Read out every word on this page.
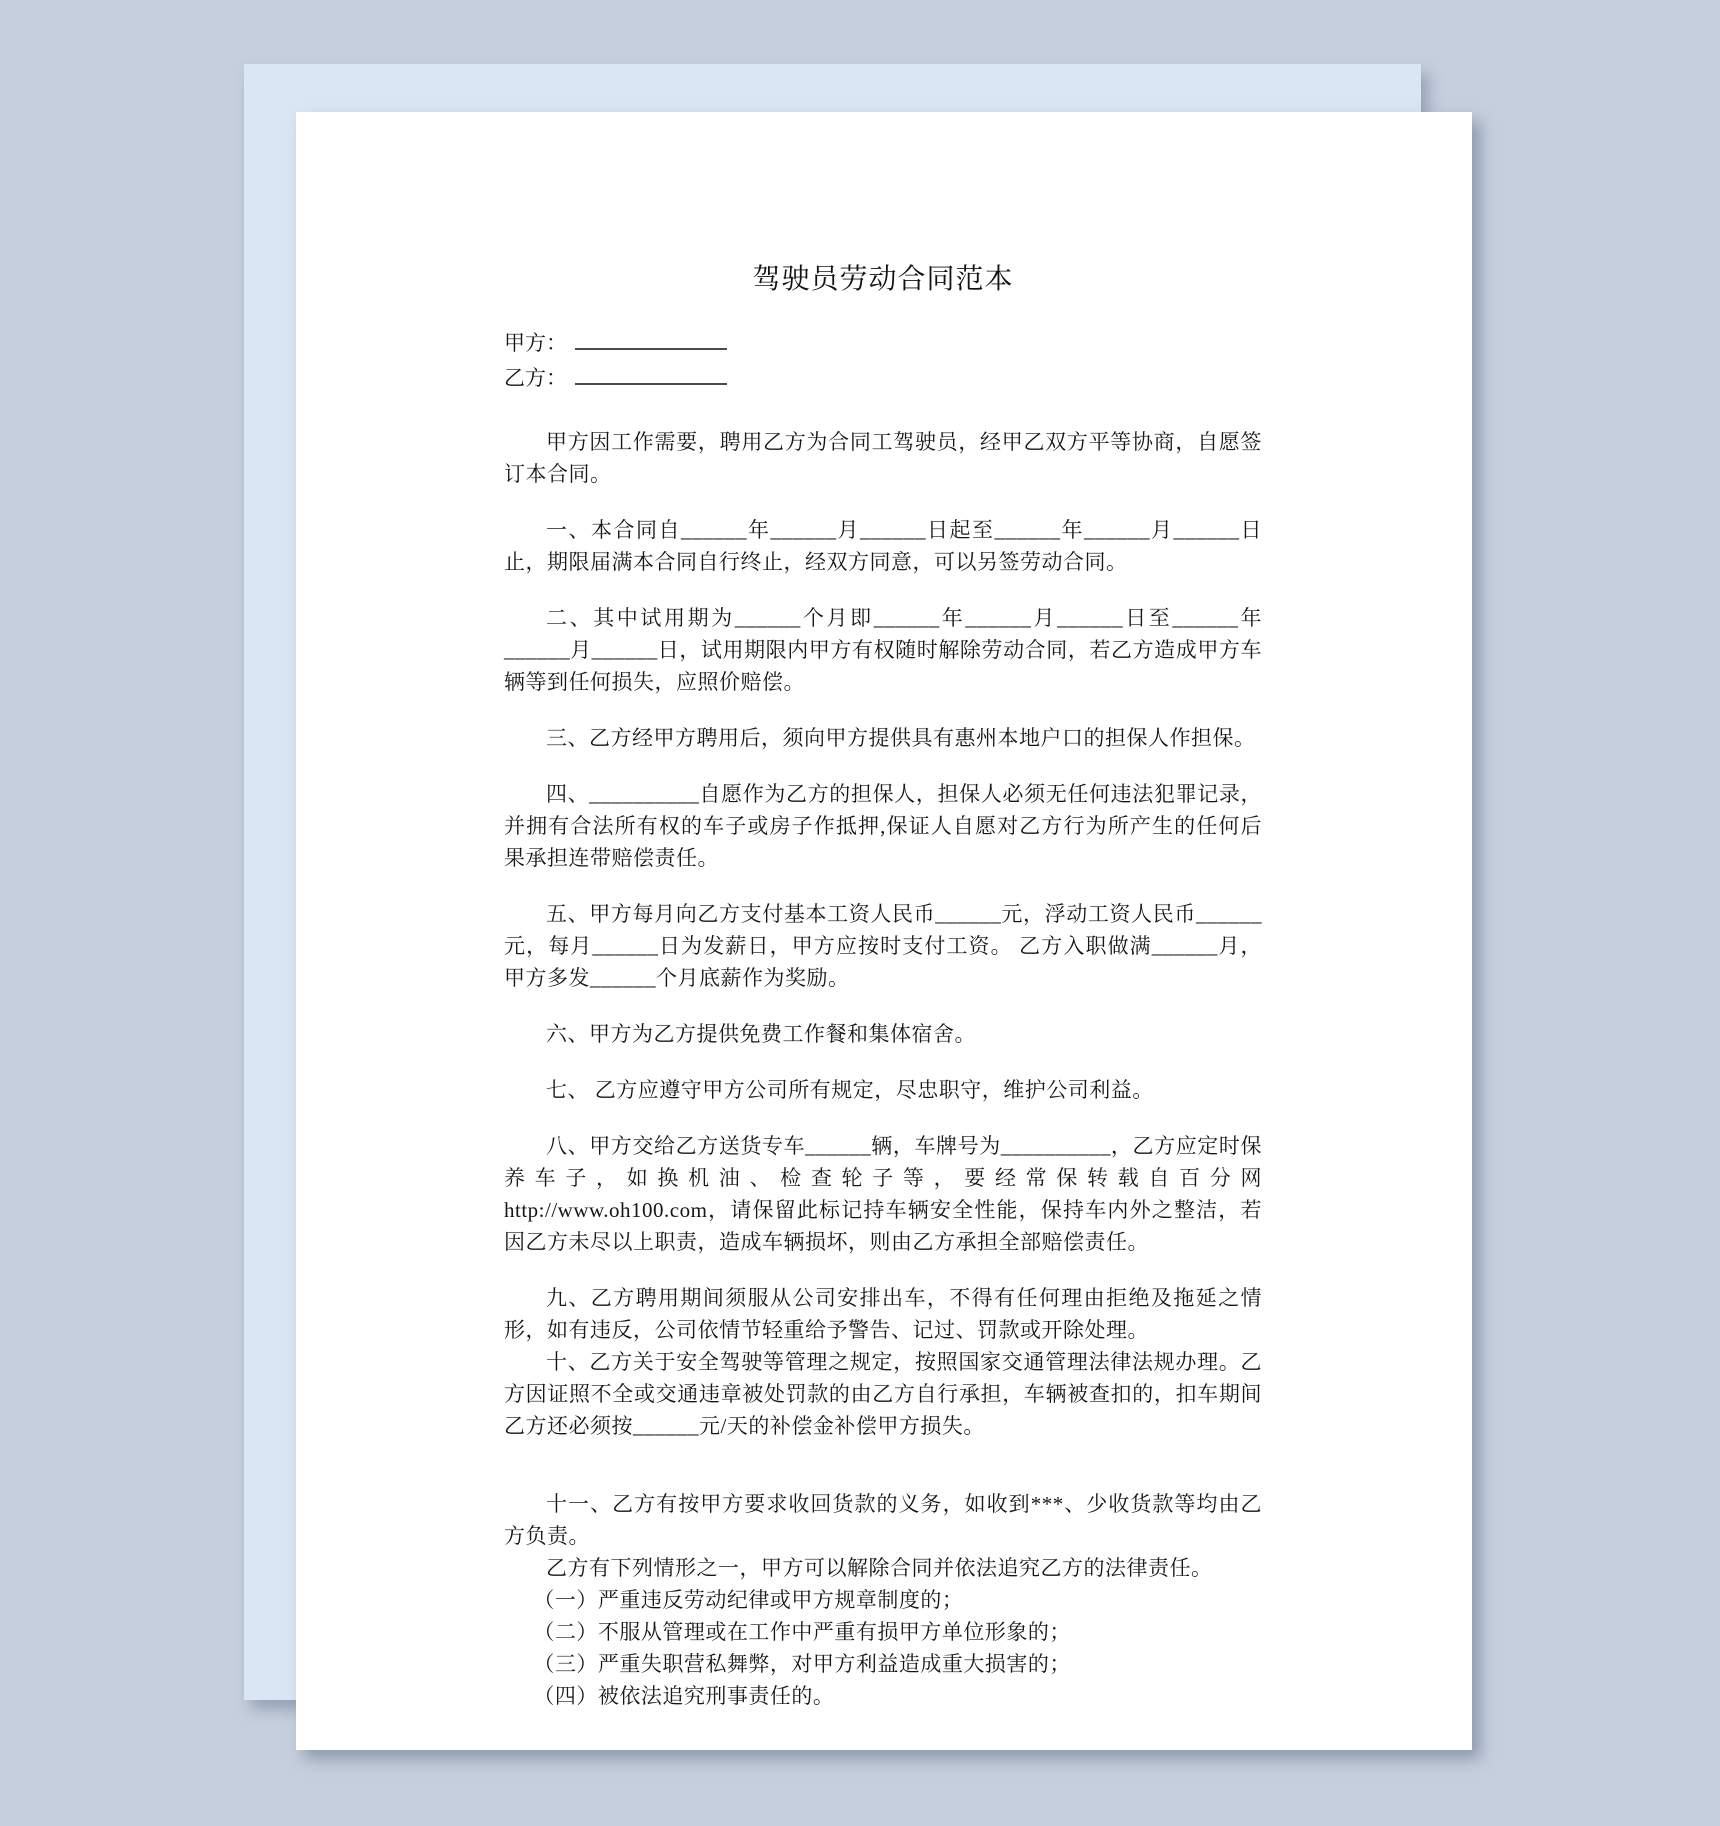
驾驶员劳动合同范本
甲方：
乙方：

甲方因工作需要，聘用乙方为合同工驾驶员，经甲乙双方平等协商，自愿签订本合同。

一、本合同自______年______月______日起至______年______月______日止，期限届满本合同自行终止，经双方同意，可以另签劳动合同。

二、其中试用期为______个月即______年______月______日至______年______月______日，试用期限内甲方有权随时解除劳动合同，若乙方造成甲方车辆等到任何损失，应照价赔偿。

三、乙方经甲方聘用后，须向甲方提供具有惠州本地户口的担保人作担保。

四、__________自愿作为乙方的担保人，担保人必须无任何违法犯罪记录，并拥有合法所有权的车子或房子作抵押,保证人自愿对乙方行为所产生的任何后果承担连带赔偿责任。

五、甲方每月向乙方支付基本工资人民币______元，浮动工资人民币______元，每月______日为发薪日，甲方应按时支付工资。 乙方入职做满______月，甲方多发______个月底薪作为奖励。

六、甲方为乙方提供免费工作餐和集体宿舍。

七、 乙方应遵守甲方公司所有规定，尽忠职守，维护公司利益。

八、甲方交给乙方送货专车______辆，车牌号为__________，乙方应定时保养车子，如换机油、检查轮子等，要经常保转载自百分网 http://www.oh100.com，请保留此标记持车辆安全性能，保持车内外之整洁，若因乙方未尽以上职责，造成车辆损坏，则由乙方承担全部赔偿责任。

九、乙方聘用期间须服从公司安排出车，不得有任何理由拒绝及拖延之情形，如有违反，公司依情节轻重给予警告、记过、罚款或开除处理。

十、乙方关于安全驾驶等管理之规定，按照国家交通管理法律法规办理。乙方因证照不全或交通违章被处罚款的由乙方自行承担，车辆被查扣的，扣车期间乙方还必须按______元/天的补偿金补偿甲方损失。

十一、乙方有按甲方要求收回货款的义务，如收到***、少收货款等均由乙方负责。

乙方有下列情形之一，甲方可以解除合同并依法追究乙方的法律责任。

（一）严重违反劳动纪律或甲方规章制度的；

（二）不服从管理或在工作中严重有损甲方单位形象的；

（三）严重失职营私舞弊，对甲方利益造成重大损害的；

（四）被依法追究刑事责任的。
